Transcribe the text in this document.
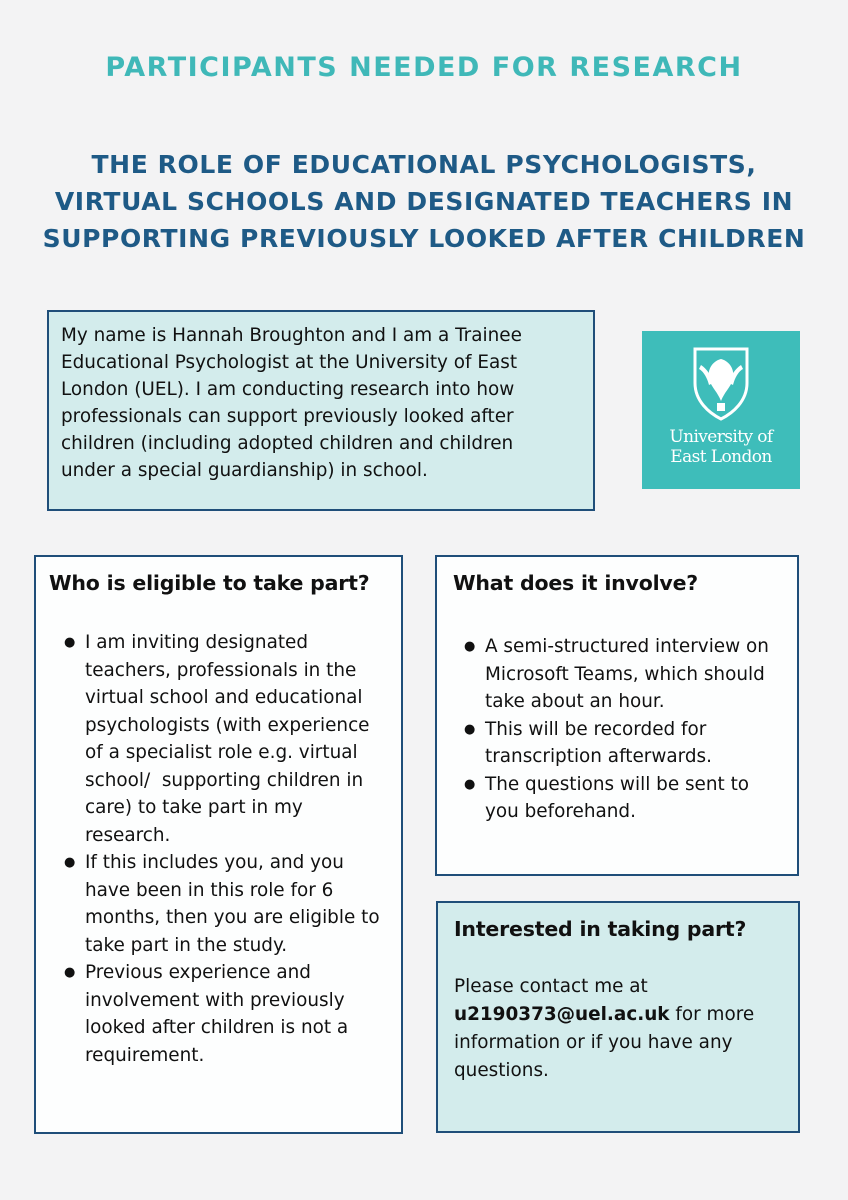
PARTICIPANTS NEEDED FOR RESEARCH
THE ROLE OF EDUCATIONAL PSYCHOLOGISTS,
VIRTUAL SCHOOLS AND DESIGNATED TEACHERS IN
SUPPORTING PREVIOUSLY LOOKED AFTER CHILDREN

My name is Hannah Broughton and I am a Trainee
Educational Psychologist at the University of East
London (UEL). I am conducting research into how
professionals can support previously looked after
children (including adopted children and children
under a special guardianship) in school.

University of
East London
Who is eligible to take part?
● I am inviting designated
teachers, professionals in the
virtual school and educational
psychologists (with experience
of a specialist role e.g. virtual
school/  supporting children in
care) to take part in my
research.
● If this includes you, and you
have been in this role for 6
months, then you are eligible to
take part in the study.
● Previous experience and
involvement with previously
looked after children is not a
requirement.
What does it involve?
● A semi-structured interview on
Microsoft Teams, which should
take about an hour.
● This will be recorded for
transcription afterwards.
● The questions will be sent to
you beforehand.
Interested in taking part?

Please contact me at
u2190373@uel.ac.uk for more
information or if you have any
questions.
